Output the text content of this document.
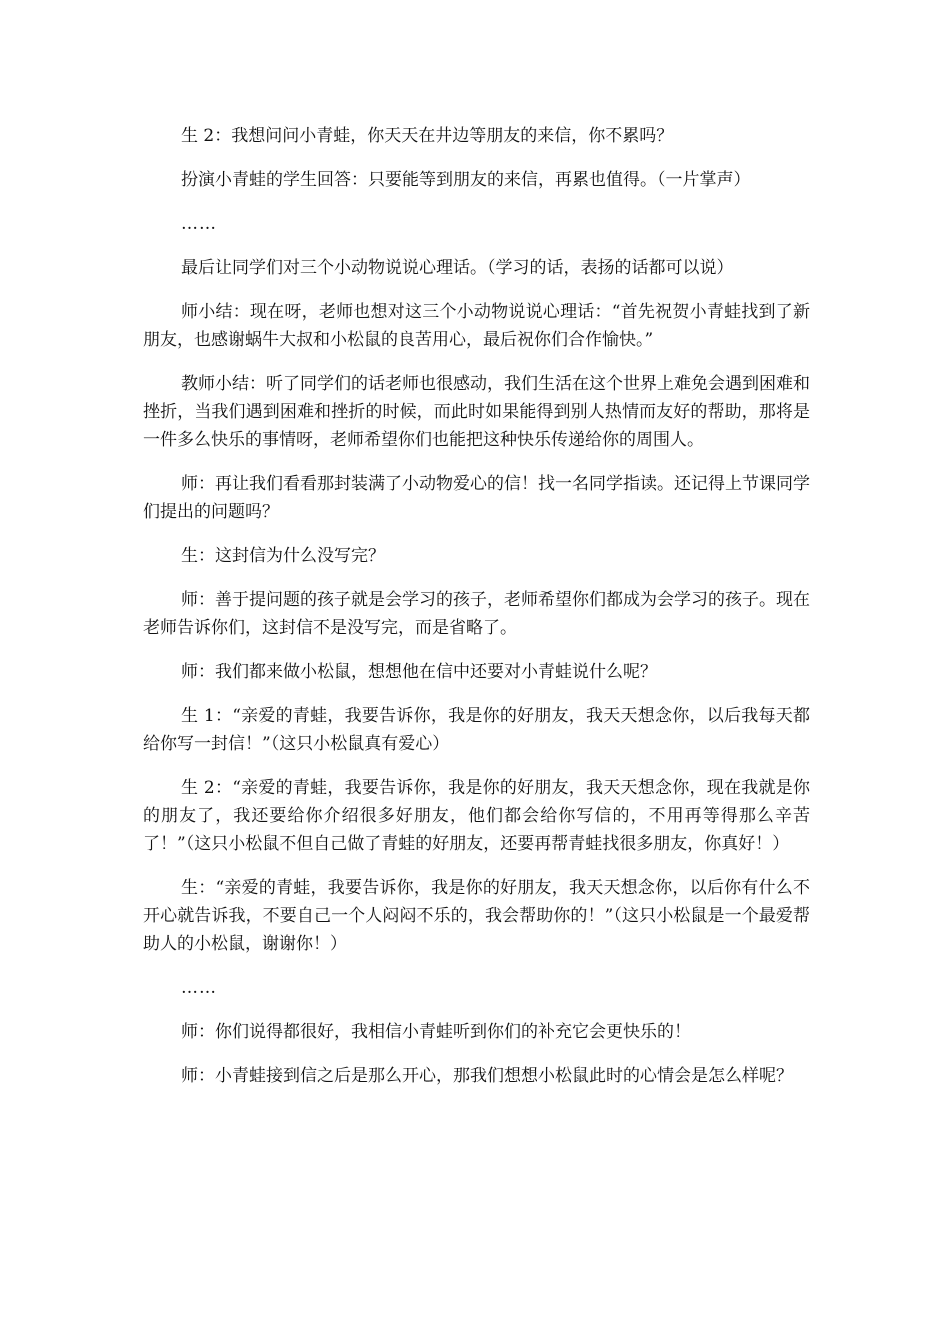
生 2：我想问问小青蛙，你天天在井边等朋友的来信，你不累吗？

扮演小青蛙的学生回答：只要能等到朋友的来信，再累也值得。（一片掌声）

……

最后让同学们对三个小动物说说心理话。（学习的话，表扬的话都可以说）

师小结：现在呀，老师也想对这三个小动物说说心理话：“首先祝贺小青蛙找到了新朋友，也感谢蜗牛大叔和小松鼠的良苦用心，最后祝你们合作愉快。”

教师小结：听了同学们的话老师也很感动，我们生活在这个世界上难免会遇到困难和挫折，当我们遇到困难和挫折的时候，而此时如果能得到别人热情而友好的帮助，那将是一件多么快乐的事情呀，老师希望你们也能把这种快乐传递给你的周围人。

师：再让我们看看那封装满了小动物爱心的信！找一名同学指读。还记得上节课同学们提出的问题吗？

生：这封信为什么没写完？

师：善于提问题的孩子就是会学习的孩子，老师希望你们都成为会学习的孩子。现在老师告诉你们，这封信不是没写完，而是省略了。

师：我们都来做小松鼠，想想他在信中还要对小青蛙说什么呢？

生 1：“亲爱的青蛙，我要告诉你，我是你的好朋友，我天天想念你，以后我每天都给你写一封信！”（这只小松鼠真有爱心）

生 2：“亲爱的青蛙，我要告诉你，我是你的好朋友，我天天想念你，现在我就是你的朋友了，我还要给你介绍很多好朋友，他们都会给你写信的，不用再等得那么辛苦了！”（这只小松鼠不但自己做了青蛙的好朋友，还要再帮青蛙找很多朋友，你真好！）

生：“亲爱的青蛙，我要告诉你，我是你的好朋友，我天天想念你，以后你有什么不开心就告诉我，不要自己一个人闷闷不乐的，我会帮助你的！”（这只小松鼠是一个最爱帮助人的小松鼠，谢谢你！）

……

师：你们说得都很好，我相信小青蛙听到你们的补充它会更快乐的！

师：小青蛙接到信之后是那么开心，那我们想想小松鼠此时的心情会是怎么样呢？
